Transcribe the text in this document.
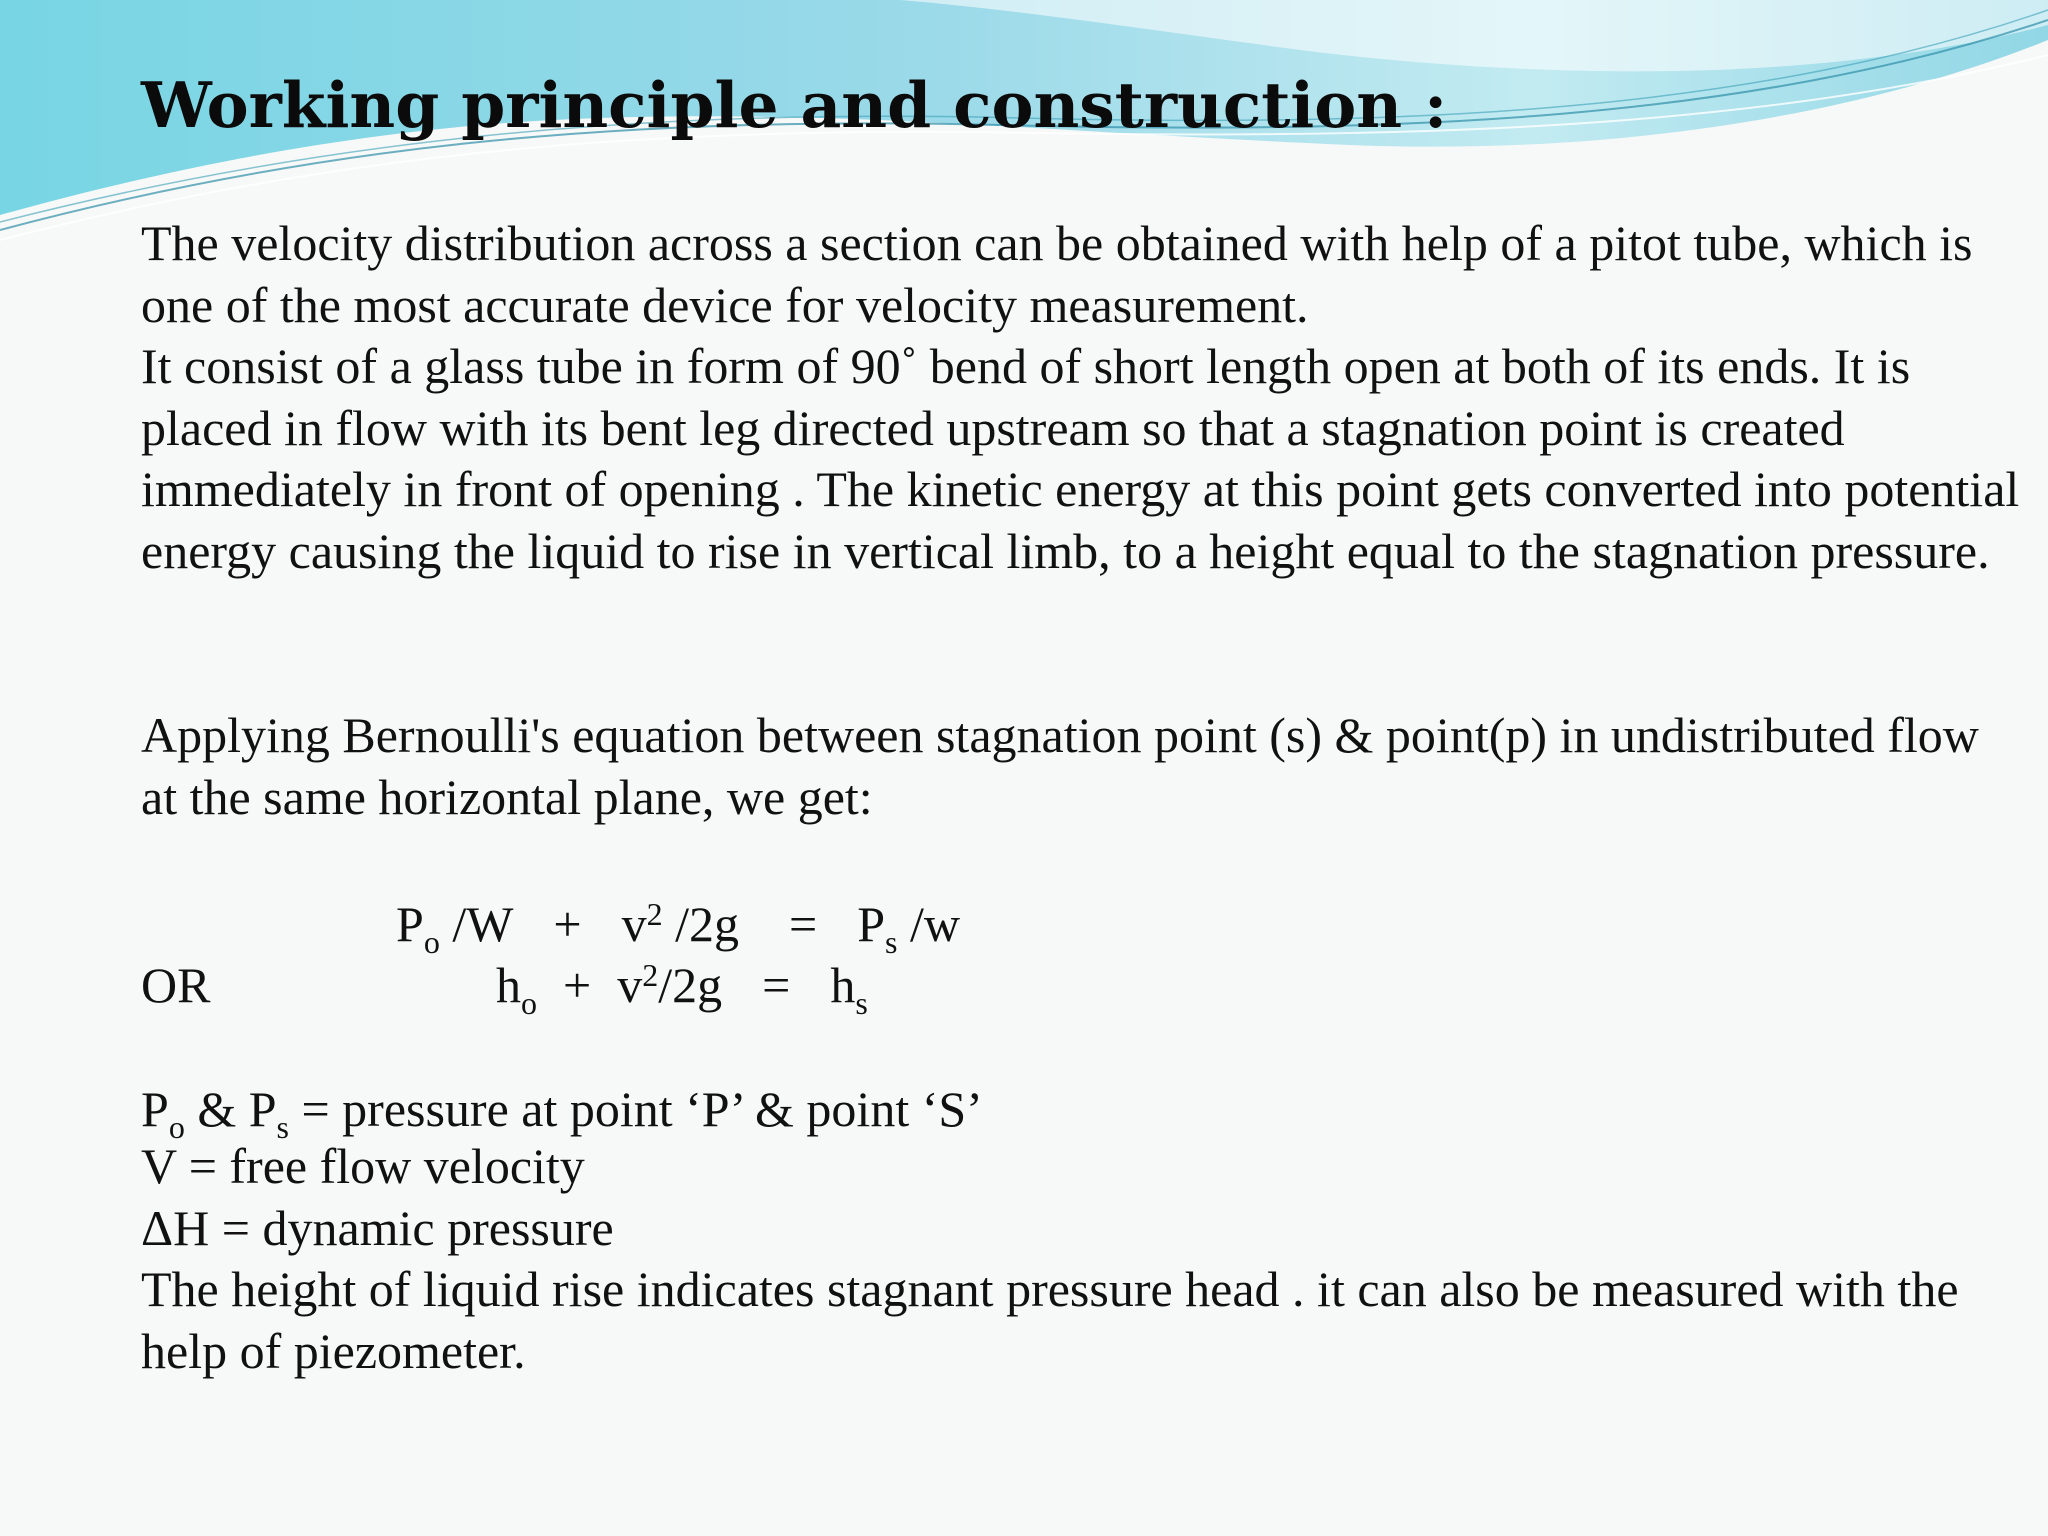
Working principle and construction :

The velocity distribution across a section can be obtained with help of a pitot tube, which is one of the most accurate device for velocity measurement.
It consist of a glass tube in form of 90˚ bend of short length open at both of its ends. It is placed in flow with its bent leg directed upstream so that a stagnation point is created immediately in front of opening . The kinetic energy at this point gets converted into potential energy causing the liquid to rise in vertical limb, to a height equal to the stagnation pressure.

Applying Bernoulli's equation between stagnation point (s) & point(p) in undistributed flow at the same horizontal plane, we get:

$P_o$ $/W + v^2$ $/2g = P_s$ /w
OR	$h_o + v^2/2g = h_s$
$P_o$ & $P_s$ = pressure at point ‘P’ & point ‘S’

V = free flow velocity
ΔH = dynamic pressure
The height of liquid rise indicates stagnant pressure head . it can also be measured with the help of piezometer.
